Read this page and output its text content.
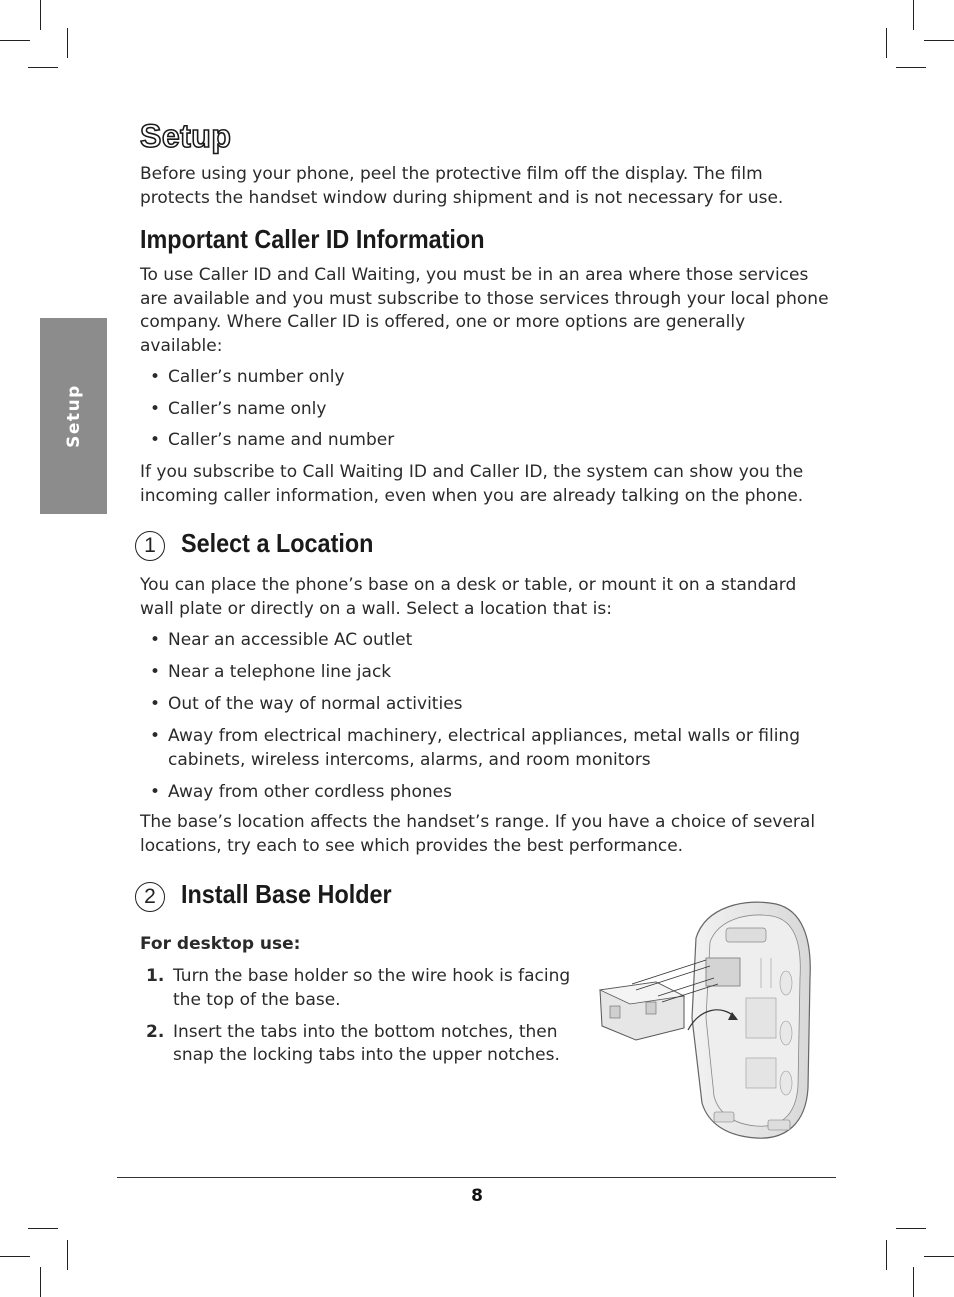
Setup
Setup

Before using your phone, peel the protective film off the display. The film protects the handset window during shipment and is not necessary for use.

Important Caller ID Information

To use Caller ID and Call Waiting, you must be in an area where those services are available and you must subscribe to those services through your local phone company. Where Caller ID is offered, one or more options are generally available:

• Caller’s number only
• Caller’s name only
• Caller’s name and number

If you subscribe to Call Waiting ID and Caller ID, the system can show you the incoming caller information, even when you are already talking on the phone.

1 Select a Location

You can place the phone’s base on a desk or table, or mount it on a standard wall plate or directly on a wall. Select a location that is:

• Near an accessible AC outlet
• Near a telephone line jack
• Out of the way of normal activities
• Away from electrical machinery, electrical appliances, metal walls or filing cabinets, wireless intercoms, alarms, and room monitors
• Away from other cordless phones

The base’s location affects the handset’s range. If you have a choice of several locations, try each to see which provides the best performance.

2 Install Base Holder

For desktop use:

1. Turn the base holder so the wire hook is facing the top of the base.
2. Insert the tabs into the bottom notches, then snap the locking tabs into the upper notches.
8
